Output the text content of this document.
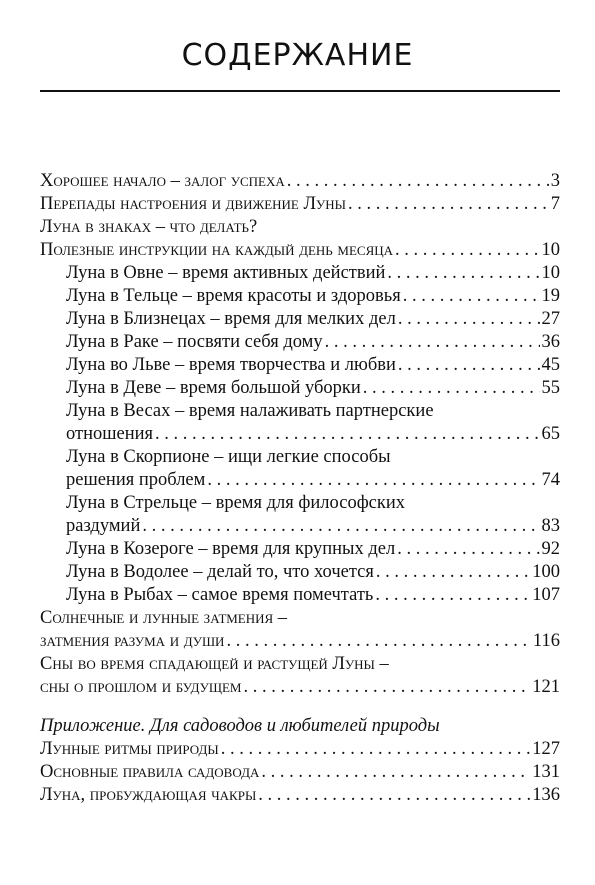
СОДЕРЖАНИЕ
Хорошее начало – залог успеха . . .	3
Перепады настроения и движение Луны . . .	7
Луна в знаках – что делать?
Полезные инструкции на каждый день месяца . . .	10
Луна в Овне – время активных действий . . .	10
Луна в Тельце – время красоты и здоровья . . .	19
Луна в Близнецах – время для мелких дел . . .	27
Луна в Раке – посвяти себя дому . . .	36
Луна во Льве – время творчества и любви . . .	45
Луна в Деве – время большой уборки . . .	55
Луна в Весах – время налаживать партнерские
отношения . . .	65
Луна в Скорпионе – ищи легкие способы
решения проблем . . .	74
Луна в Стрельце – время для философских
раздумий . . .	83
Луна в Козероге – время для крупных дел . . .	92
Луна в Водолее – делай то, что хочется . . .	100
Луна в Рыбах – самое время помечтать . . .	107
Солнечные и лунные затмения –
затмения разума и души . . .	116
Сны во время спадающей и растущей Луны –
сны о прошлом и будущем . . .	121
Приложение. Для садоводов и любителей природы
Лунные ритмы природы . . .	127
Основные правила садовода . . .	131
Луна, пробуждающая чакры . . .	136
